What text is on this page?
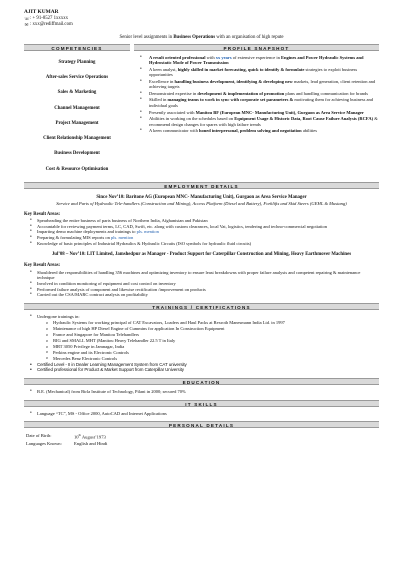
AJIT KUMAR
☏ : + 91-8527 1xxxxx
✉ : xxx@rediffmail.com
Senior level assignments in Business Operations with an organisation of high repute
COMPETENCIES
Strategy Planning
After-sales Service Operations
Sales & Marketing
Channel Management
Project Management
Client Relationship Management
Business Development
Cost & Resource Optimisation
PROFILE SNAPSHOT
• A result oriented professional with xx years of extensive experience in Engines and Power Hydraulic Systems and Hydrostatic Mode of Power Transmission
• A keen analyst, highly skilled in market forecasting, quick to identify & formulate strategies to exploit business opportunities
• Excellence in handling business development, identifying & developing new markets, lead generation, client retention and achieving targets
• Demonstrated expertise in development & implementation of promotion plans and handling communication for brands
• Skilled in managing teams to work in sync with corporate set parameters & motivating them for achieving business and individual goals
• Presently associated with Manitou BF (European MNC- Manufacturing Unit), Gurgaon as Area Service Manager
• Abilities in working on the schedules based on Equipment Usage & Historic Data, Root Cause Failure Analysis (RCFA) & recommend design changes for spares with high failure trends
• A keen communicator with honed interpersonal, problem solving and negotiation abilities
EMPLOYMENT DETAILS
Since Nov’10: Baritone AG (European MNC- Manufacturing Unit), Gurgaon as Area Service Manager
Service and Parts of Hydraulic Tele-handlers (Construction and Mining), Access Platform (Diesel and Battery), Forklifts and Skid Steers (GEHL & Mustang)
Key Result Areas:
• Spearheading the entire business of parts business of Northern India, Afghanistan and Pakistan
• Accountable for reviewing payment terms, LC, CAD, Swift, etc. along with custom clearances, local Vat, logistics, tendering and techno-commercial negotiation
• Imparting demo machine deployments and trainings to pls. mention
• Preparing & formulating MIS reports on pls. mention
• Knowledge of basic principles of Industrial Hydraulics & Hydraulic Circuits (ISO symbols for hydraulic fluid circuits)
Jul’08 – Nov’10: LIT Limited, Jamshedpur as Manager - Product Support for Caterpillar Construction and Mining, Heavy Earthmover Machines
Key Result Areas:
• Shouldered the responsibilities of handling 356 machines and optimizing inventory to ensure least breakdowns with proper failure analysis and competent repairing & maintenance technique
• Involved in condition monitoring of equipment and cost control on inventory
• Performed failure analysis of component and likewise rectification /improvement on products
• Carried out the CSA/MARC contract analysis on profitability
TRAININGS / CERTIFICATIONS
• Undergone trainings in:
o Hydraulic Systems for working principal of CAT Excavators, Loaders and Haul Packs at Rexroth Manesmann India Ltd. in 1997
o Maintenance of high HP Diesel Engine of Cummins for application In Construction Equipment
o France and Singapore for Manitou Telehandlers
o BIG and SMALL MHT (Manitou Heavy Telehandler 22.5 T in Italy
o MRT 3050 Privilege in Jamnagar, India
o Perkins engine and its Electronic Controls
o Mercedes Benz Electronic Controls
• Certified Level - II in Dealer Learning Management System from CAT university
• Certified professional for Product & Market Support from Caterpillar University
EDUCATION
• B.E. (Mechanical) from Birla Institute of Technology, Pilani in 2000; secured 70%
IT SKILLS
• Language “TC”, MS - Office 2000, AutoCAD and Internet Applications
PERSONAL DETAILS
Date of Birth:	10th August’1973
Languages Known:	English and Hindi
